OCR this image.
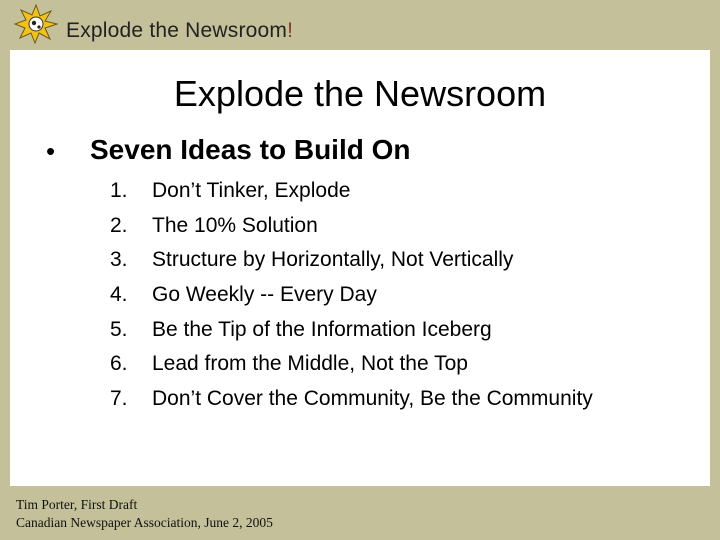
Explode the Newsroom!
Explode the Newsroom
• Seven Ideas to Build On
1.	Don’t Tinker, Explode
2.	The 10% Solution
3.	Structure by Horizontally, Not Vertically
4.	Go Weekly -- Every Day
5.	Be the Tip of the Information Iceberg
6.	Lead from the Middle, Not the Top
7.	Don’t Cover the Community, Be the Community
Tim Porter, First Draft
Canadian Newspaper Association, June 2, 2005
